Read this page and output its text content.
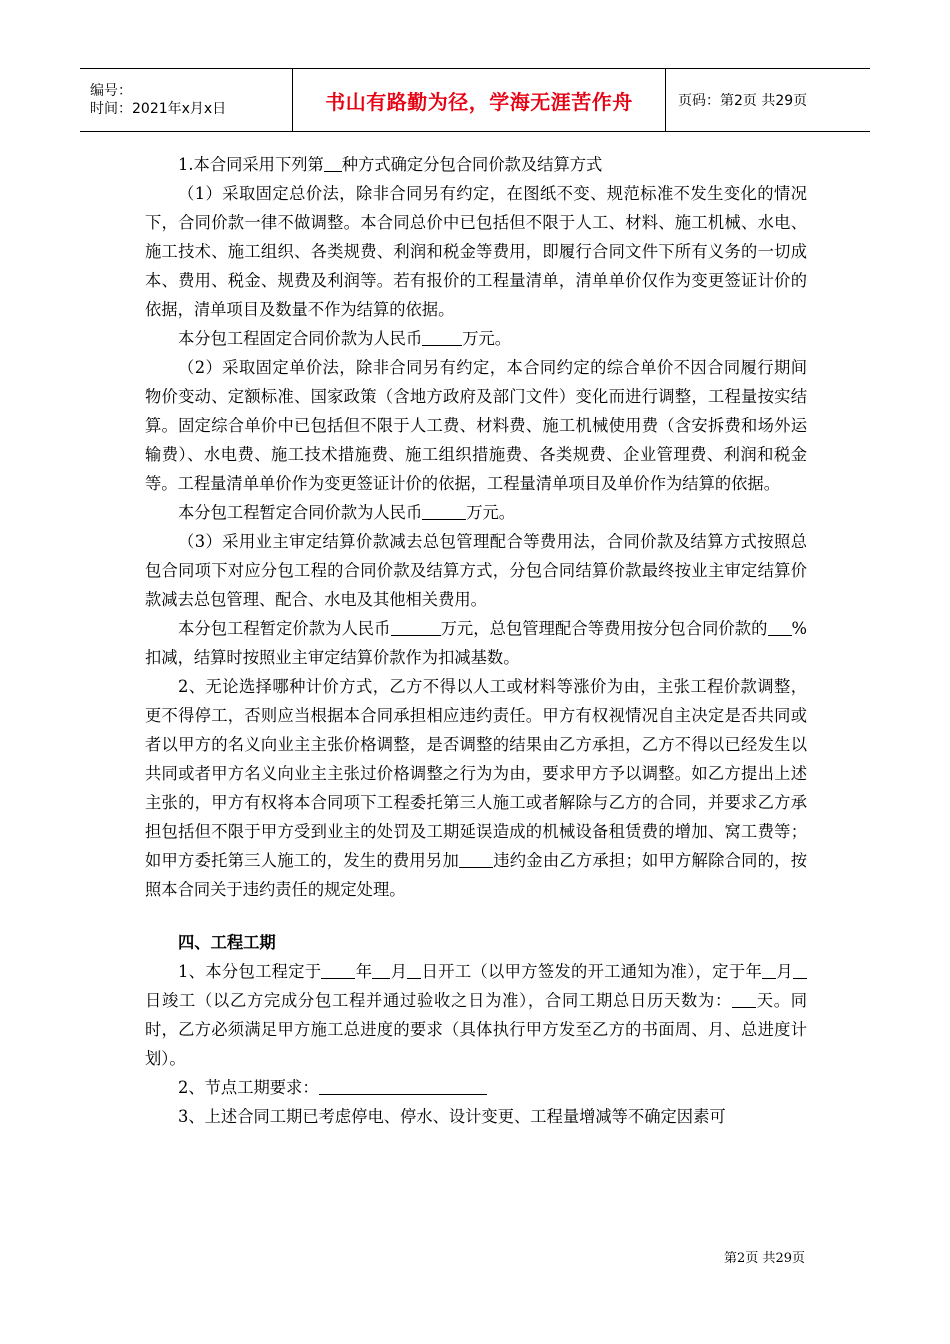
编号：
时间：2021年x月x日	书山有路勤为径，学海无涯苦作舟	页码：第2页 共29页

1.本合同采用下列第 种方式确定分包合同价款及结算方式

（1）采取固定总价法，除非合同另有约定，在图纸不变、规范标准不发生变化的情况下，合同价款一律不做调整。本合同总价中已包括但不限于人工、材料、施工机械、水电、施工技术、施工组织、各类规费、利润和税金等费用，即履行合同文件下所有义务的一切成本、费用、税金、规费及利润等。若有报价的工程量清单，清单单价仅作为变更签证计价的依据，清单项目及数量不作为结算的依据。

本分包工程固定合同价款为人民币 万元。

（2）采取固定单价法，除非合同另有约定，本合同约定的综合单价不因合同履行期间物价变动、定额标准、国家政策（含地方政府及部门文件）变化而进行调整，工程量按实结算。固定综合单价中已包括但不限于人工费、材料费、施工机械使用费（含安拆费和场外运输费）、水电费、施工技术措施费、施工组织措施费、各类规费、企业管理费、利润和税金等。工程量清单单价作为变更签证计价的依据，工程量清单项目及单价作为结算的依据。

本分包工程暂定合同价款为人民币	万元。

（3）采用业主审定结算价款减去总包管理配合等费用法，合同价款及结算方式按照总包合同项下对应分包工程的合同价款及结算方式，分包合同结算价款最终按业主审定结算价款减去总包管理、配合、水电及其他相关费用。

本分包工程暂定价款为人民币	万元，总包管理配合等费用按分包合同价款的 %扣减，结算时按照业主审定结算价款作为扣减基数。

2、无论选择哪种计价方式，乙方不得以人工或材料等涨价为由，主张工程价款调整，更不得停工，否则应当根据本合同承担相应违约责任。甲方有权视情况自主决定是否共同或者以甲方的名义向业主主张价格调整，是否调整的结果由乙方承担，乙方不得以已经发生以共同或者甲方名义向业主主张过价格调整之行为为由，要求甲方予以调整。如乙方提出上述主张的，甲方有权将本合同项下工程委托第三人施工或者解除与乙方的合同，并要求乙方承担包括但不限于甲方受到业主的处罚及工期延误造成的机械设备租赁费的增加、窝工费等；如甲方委托第三人施工的，发生的费用另加 违约金由乙方承担；如甲方解除合同的，按照本合同关于违约责任的规定处理。

四、工程工期

1、本分包工程定于 年 月 日开工（以甲方签发的开工通知为准），定于年 月日竣工（以乙方完成分包工程并通过验收之日为准），合同工期总日历天数为： 天。同时，乙方必须满足甲方施工总进度的要求（具体执行甲方发至乙方的书面周、月、总进度计划）。

2、节点工期要求：

3、上述合同工期已考虑停电、停水、设计变更、工程量增减等不确定因素可

第2页 共29页
